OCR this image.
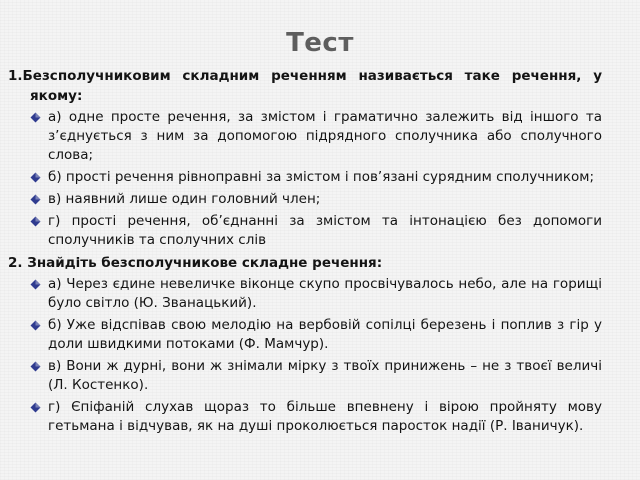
Тест
1.Безсполучниковим складним реченням називається таке речення, у якому:
а) одне просте речення, за змістом і граматично залежить від іншого та з’єднується з ним за допомогою підрядного сполучника або сполучного слова;
б) прості речення рівноправні за змістом і пов’язані сурядним сполучником;
в) наявний лише один головний член;
г) прості речення, об’єднанні за змістом та інтонацією без допомоги сполучників та сполучних слів
2. Знайдіть безсполучникове складне речення:
а) Через єдине невеличке віконце скупо просвічувалось небо, але на горищі було світло (Ю. Званацький).
б) Уже відспівав свою мелодію на вербовій сопілці березень і поплив з гір у доли швидкими потоками (Ф. Мамчур).
в) Вони ж дурні, вони ж знімали мірку з твоїх принижень – не з твоєї величі (Л. Костенко).
г) Єпіфаній слухав щораз то більше впевнену і вірою пройняту мову гетьмана і відчував, як на душі проколюється паросток надії (Р. Іваничук).
